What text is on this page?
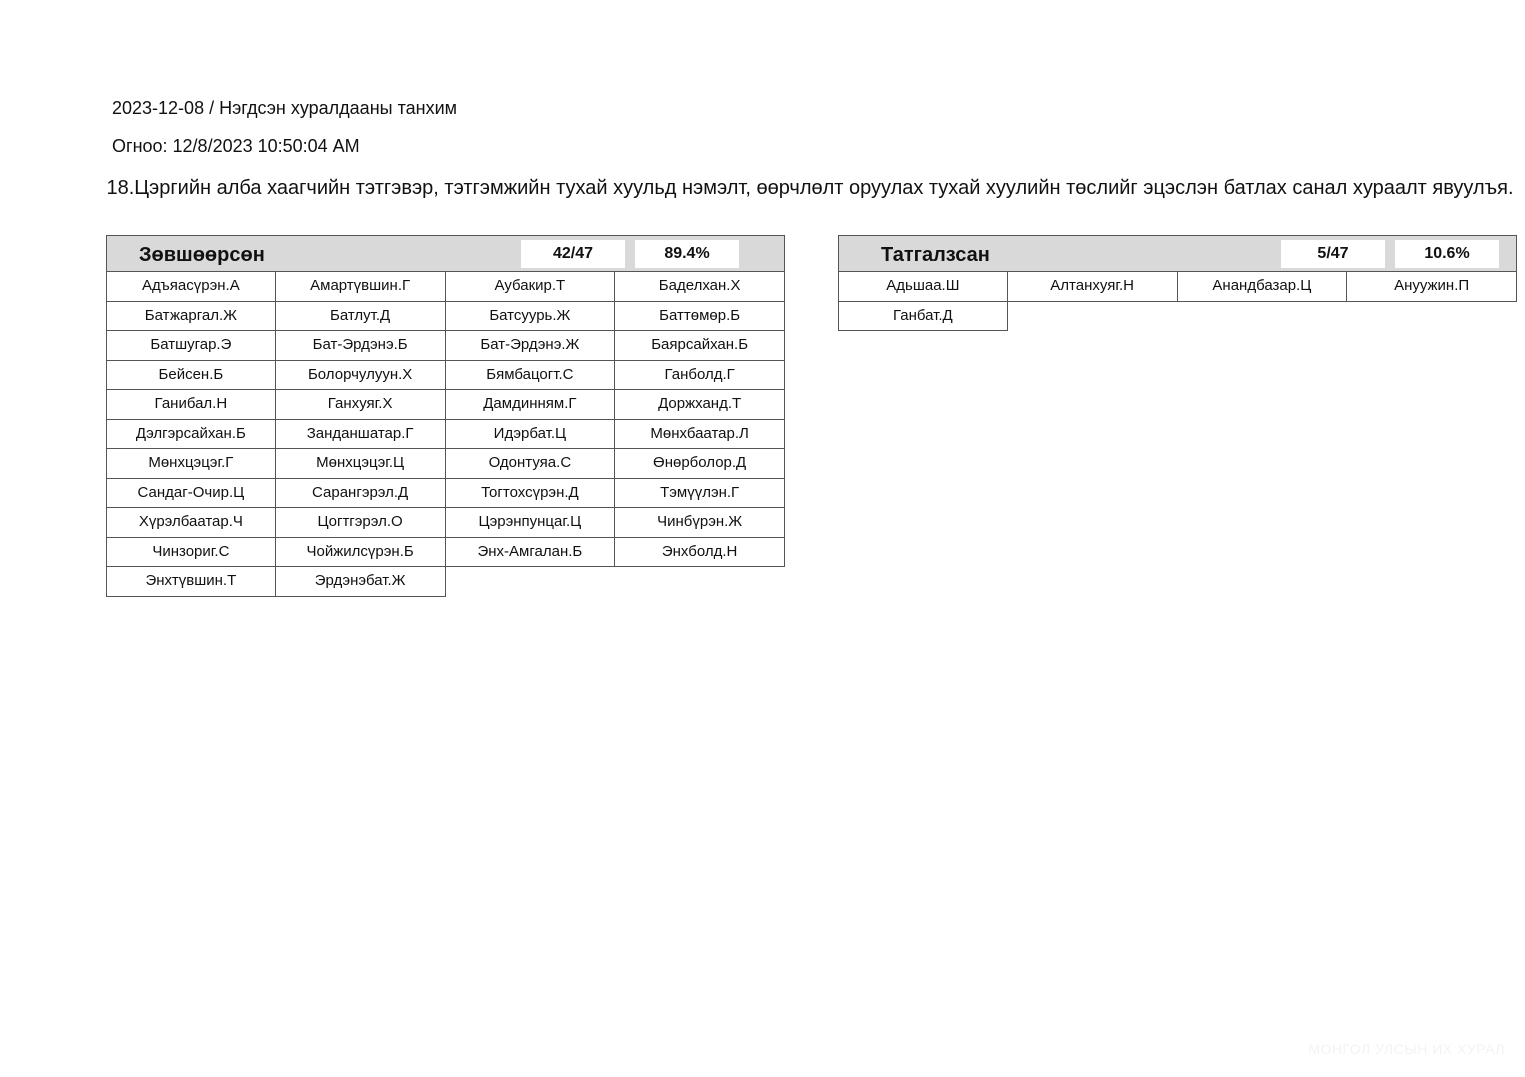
2023-12-08 / Нэгдсэн хуралдааны танхим
Огноо: 12/8/2023 10:50:04 AM
18.Цэргийн алба хаагчийн тэтгэвэр, тэтгэмжийн тухай хуульд нэмэлт, өөрчлөлт оруулах тухай хуулийн төслийг эцэслэн батлах санал хураалт явуулъя.
Зөвшөөрсөн	42/47	89.4%
Адъяасүрэн.А	Амартүвшин.Г	Аубакир.Т	Баделхан.Х
Батжаргал.Ж	Батлут.Д	Батсуурь.Ж	Баттөмөр.Б
Батшугар.Э	Бат-Эрдэнэ.Б	Бат-Эрдэнэ.Ж	Баярсайхан.Б
Бейсен.Б	Болорчулуун.Х	Бямбацогт.С	Ганболд.Г
Ганибал.Н	Ганхуяг.Х	Дамдинням.Г	Доржханд.Т
Дэлгэрсайхан.Б	Занданшатар.Г	Идэрбат.Ц	Мөнхбаатар.Л
Мөнхцэцэг.Г	Мөнхцэцэг.Ц	Одонтуяа.С	Өнөрболор.Д
Сандаг-Очир.Ц	Сарангэрэл.Д	Тогтохсүрэн.Д	Тэмүүлэн.Г
Хүрэлбаатар.Ч	Цогтгэрэл.О	Цэрэнпунцаг.Ц	Чинбүрэн.Ж
Чинзориг.С	Чойжилсүрэн.Б	Энх-Амгалан.Б	Энхболд.Н
Энхтүвшин.Т	Эрдэнэбат.Ж
Татгалзсан	5/47	10.6%
Адьшаа.Ш	Алтанхуяг.Н	Анандбазар.Ц	Ануужин.П
Ганбат.Д
МОНГОЛ УЛСЫН ИХ ХУРАЛ
